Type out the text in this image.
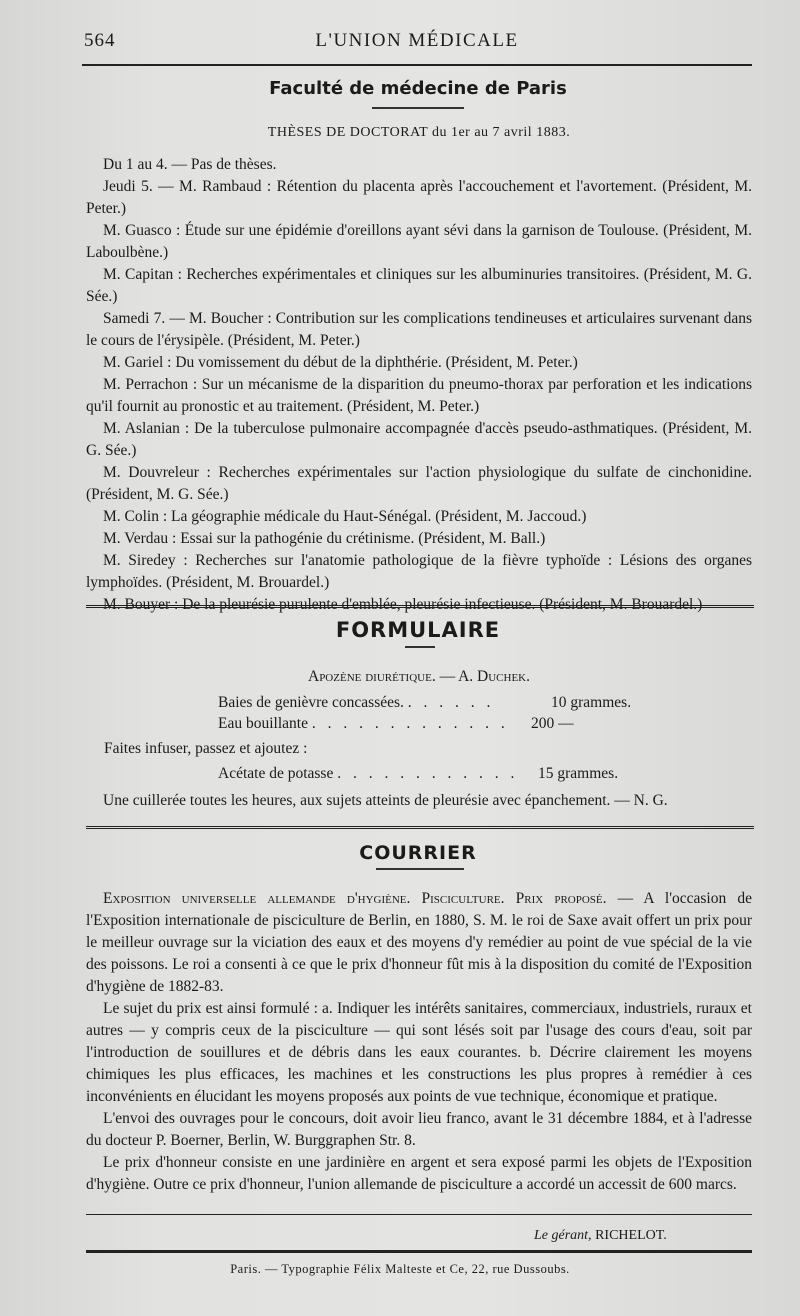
564	L'UNION MÉDICALE
Faculté de médecine de Paris
THÈSES DE DOCTORAT du 1er au 7 avril 1883.

Du 1 au 4. — Pas de thèses.

Jeudi 5. — M. Rambaud : Rétention du placenta après l'accouchement et l'avortement. (Président, M. Peter.)

M. Guasco : Étude sur une épidémie d'oreillons ayant sévi dans la garnison de Toulouse. (Président, M. Laboulbène.)

M. Capitan : Recherches expérimentales et cliniques sur les albuminuries transitoires. (Président, M. G. Sée.)

Samedi 7. — M. Boucher : Contribution sur les complications tendineuses et articulaires survenant dans le cours de l'érysipèle. (Président, M. Peter.)

M. Gariel : Du vomissement du début de la diphthérie. (Président, M. Peter.)

M. Perrachon : Sur un mécanisme de la disparition du pneumo-thorax par perforation et les indications qu'il fournit au pronostic et au traitement. (Président, M. Peter.)

M. Aslanian : De la tuberculose pulmonaire accompagnée d'accès pseudo-asthmatiques. (Président, M. G. Sée.)

M. Douvreleur : Recherches expérimentales sur l'action physiologique du sulfate de cinchonidine. (Président, M. G. Sée.)

M. Colin : La géographie médicale du Haut-Sénégal. (Président, M. Jaccoud.)

M. Verdau : Essai sur la pathogénie du crétinisme. (Président, M. Ball.)

M. Siredey : Recherches sur l'anatomie pathologique de la fièvre typhoïde : Lésions des organes lymphoïdes. (Président, M. Brouardel.)

M. Bouyer : De la pleurésie purulente d'emblée, pleurésie infectieuse. (Président, M. Brouardel.)

FORMULAIRE
Apozène diurétique. — A. Duchek.
Baies de genièvre concassées. . . . . . .	10 grammes.
Eau bouillante . . . . . . . . . . . . . 200 —
Faites infuser, passez et ajoutez :
Acétate de potasse . . . . . . . . . . . . 15 grammes.

Une cuillerée toutes les heures, aux sujets atteints de pleurésie avec épanchement. — N. G.

COURRIER

Exposition universelle allemande d'hygiène. Pisciculture. Prix proposé. — A l'occasion de l'Exposition internationale de pisciculture de Berlin, en 1880, S. M. le roi de Saxe avait offert un prix pour le meilleur ouvrage sur la viciation des eaux et des moyens d'y remédier au point de vue spécial de la vie des poissons. Le roi a consenti à ce que le prix d'honneur fût mis à la disposition du comité de l'Exposition d'hygiène de 1882-83.

Le sujet du prix est ainsi formulé : a. Indiquer les intérêts sanitaires, commerciaux, industriels, ruraux et autres — y compris ceux de la pisciculture — qui sont lésés soit par l'usage des cours d'eau, soit par l'introduction de souillures et de débris dans les eaux courantes. b. Décrire clairement les moyens chimiques les plus efficaces, les machines et les constructions les plus propres à remédier à ces inconvénients en élucidant les moyens proposés aux points de vue technique, économique et pratique.

L'envoi des ouvrages pour le concours, doit avoir lieu franco, avant le 31 décembre 1884, et à l'adresse du docteur P. Boerner, Berlin, W. Burggraphen Str. 8.

Le prix d'honneur consiste en une jardinière en argent et sera exposé parmi les objets de l'Exposition d'hygiène. Outre ce prix d'honneur, l'union allemande de pisciculture a accordé un accessit de 600 marcs.

Le gérant, RICHELOT.
Paris. — Typographie Félix Malteste et Ce, 22, rue Dussoubs.
